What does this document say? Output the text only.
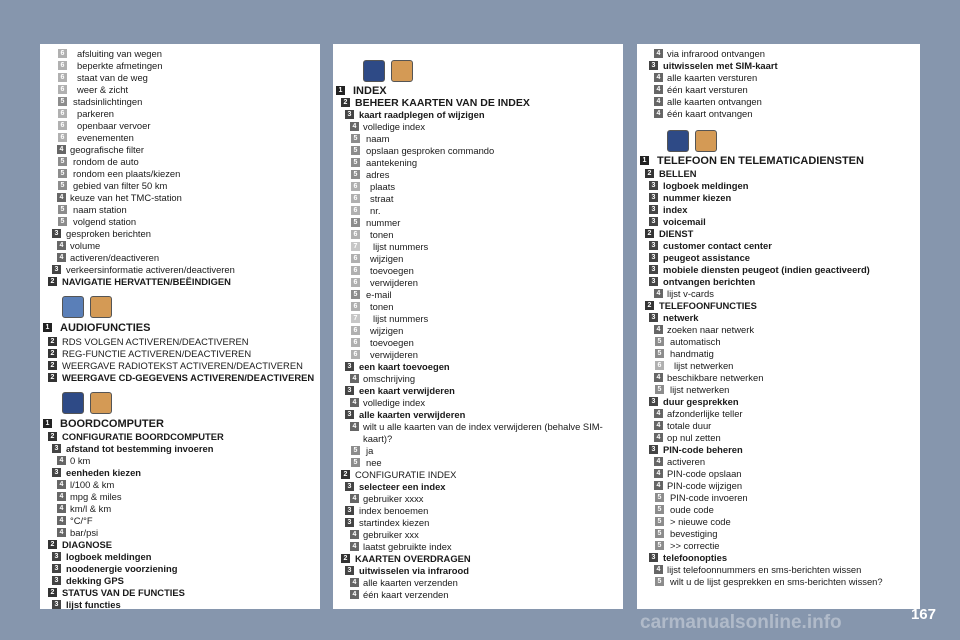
6 afsluiting van wegen
6 beperkte afmetingen
6 staat van de weg
6 weer & zicht
5 stadsinlichtingen
6 parkeren
6 openbaar vervoer
6 evenementen
4 geografische filter
5 rondom de auto
5 rondom een plaats/kiezen
5 gebied van filter 50 km
4 keuze van het TMC-station
5 naam station
5 volgend station
3 gesproken berichten
4 volume
4 activeren/deactiveren
3 verkeersinformatie activeren/deactiveren
2 NAVIGATIE HERVATTEN/BEËINDIGEN
1 AUDIOFUNCTIES
2 RDS VOLGEN ACTIVEREN/DEACTIVEREN
2 REG-FUNCTIE ACTIVEREN/DEACTIVEREN
2 WEERGAVE RADIOTEKST ACTIVEREN/DEACTIVEREN
2 WEERGAVE CD-GEGEVENS ACTIVEREN/DEACTIVEREN
1 BOORDCOMPUTER
2 CONFIGURATIE BOORDCOMPUTER
3 afstand tot bestemming invoeren
4 0 km
3 eenheden kiezen
4 l/100 & km
4 mpg & miles
4 km/l & km
4 °C/°F
4 bar/psi
2 DIAGNOSE
3 logboek meldingen
3 noodenergie voorziening
3 dekking GPS
2 STATUS VAN DE FUNCTIES
3 lijst functies
1 INDEX
2 BEHEER KAARTEN VAN DE INDEX
3 kaart raadplegen of wijzigen
4 volledige index
5 naam
5 opslaan gesproken commando
5 aantekening
5 adres
6 plaats
6 straat
6 nr.
5 nummer
6 tonen
7 lijst nummers
6 wijzigen
6 toevoegen
6 verwijderen
5 e-mail
6 tonen
7 lijst nummers
6 wijzigen
6 toevoegen
6 verwijderen
3 een kaart toevoegen
4 omschrijving
3 een kaart verwijderen
4 volledige index
3 alle kaarten verwijderen
4 wilt u alle kaarten van de index verwijderen (behalve SIM-kaart)?
5 ja
5 nee
2 CONFIGURATIE INDEX
3 selecteer een index
4 gebruiker xxxx
3 index benoemen
3 startindex kiezen
4 gebruiker xxx
4 laatst gebruikte index
2 KAARTEN OVERDRAGEN
3 uitwisselen via infrarood
4 alle kaarten verzenden
4 één kaart verzenden
4 via infrarood ontvangen
3 uitwisselen met SIM-kaart
4 alle kaarten versturen
4 één kaart versturen
4 alle kaarten ontvangen
4 één kaart ontvangen
1 TELEFOON EN TELEMATICADIENSTEN
2 BELLEN
3 logboek meldingen
3 nummer kiezen
3 index
3 voicemail
2 DIENST
3 customer contact center
3 peugeot assistance
3 mobiele diensten peugeot (indien geactiveerd)
3 ontvangen berichten
4 lijst v-cards
2 TELEFOONFUNCTIES
3 netwerk
4 zoeken naar netwerk
5 automatisch
5 handmatig
6 lijst netwerken
4 beschikbare netwerken
5 lijst netwerken
3 duur gesprekken
4 afzonderlijke teller
4 totale duur
4 op nul zetten
3 PIN-code beheren
4 activeren
4 PIN-code opslaan
4 PIN-code wijzigen
5 PIN-code invoeren
5 oude code
5 > nieuwe code
5 bevestiging
5 >> correctie
3 telefoonopties
4 lijst telefoonnummers en sms-berichten wissen
5 wilt u de lijst gesprekken en sms-berichten wissen?
167
carmanualsonline.info
